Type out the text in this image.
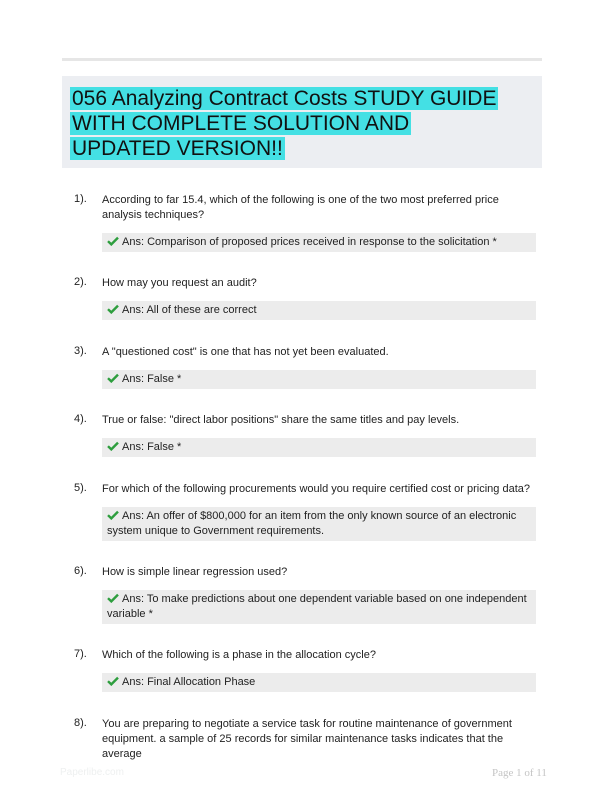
056 Analyzing Contract Costs STUDY GUIDE WITH COMPLETE SOLUTION AND UPDATED VERSION!!
1). According to far 15.4, which of the following is one of the two most preferred price analysis techniques?
Ans: Comparison of proposed prices received in response to the solicitation *
2). How may you request an audit?
Ans: All of these are correct
3). A "questioned cost" is one that has not yet been evaluated.
Ans: False *
4). True or false: "direct labor positions" share the same titles and pay levels.
Ans: False *
5). For which of the following procurements would you require certified cost or pricing data?
Ans: An offer of $800,000 for an item from the only known source of an electronic system unique to Government requirements.
6). How is simple linear regression used?
Ans: To make predictions about one dependent variable based on one independent variable *
7). Which of the following is a phase in the allocation cycle?
Ans: Final Allocation Phase
8). You are preparing to negotiate a service task for routine maintenance of government equipment. a sample of 25 records for similar maintenance tasks indicates that the average
Paperlibe.com	Page 1 of 11
